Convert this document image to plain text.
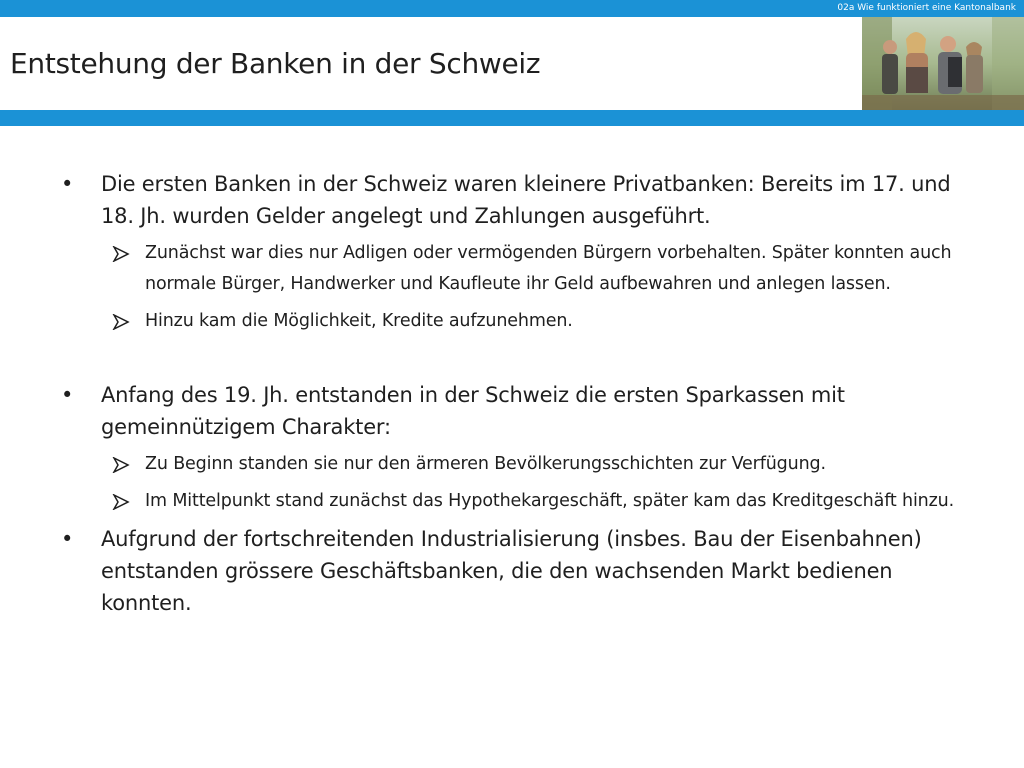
02a Wie funktioniert eine Kantonalbank
Entstehung der Banken in der Schweiz
•	Die ersten Banken in der Schweiz waren kleinere Privatbanken: Bereits im 17. und 18. Jh. wurden Gelder angelegt und Zahlungen ausgeführt.
Zunächst war dies nur Adligen oder vermögenden Bürgern vorbehalten. Später konnten auch normale Bürger, Handwerker und Kaufleute ihr Geld aufbewahren und anlegen lassen.
Hinzu kam die Möglichkeit, Kredite aufzunehmen.
•	Anfang des 19. Jh. entstanden in der Schweiz die ersten Sparkassen mit gemeinnützigem Charakter:
Zu Beginn standen sie nur den ärmeren Bevölkerungsschichten zur Verfügung.
Im Mittelpunkt stand zunächst das Hypothekargeschäft, später kam das Kreditgeschäft hinzu.
•	Aufgrund der fortschreitenden Industrialisierung (insbes. Bau der Eisenbahnen) entstanden grössere Geschäftsbanken, die den wachsenden Markt bedienen konnten.
